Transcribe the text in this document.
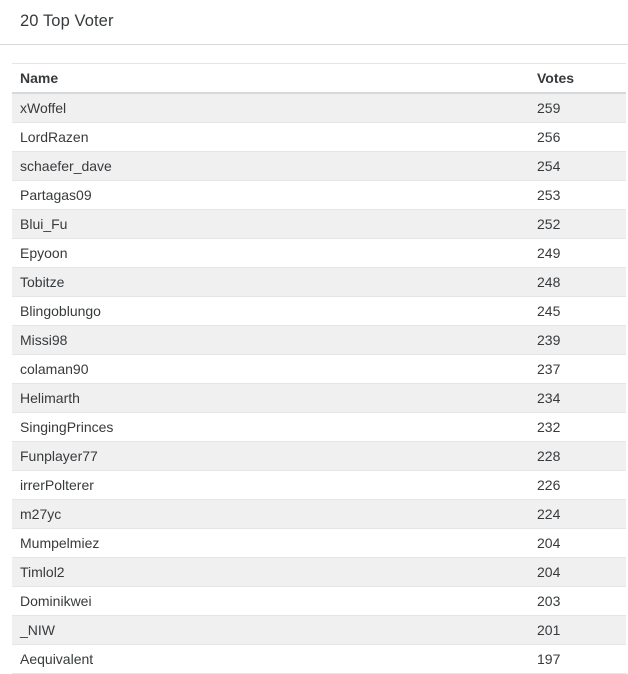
20 Top Voter
Name	Votes
xWoffel	259
LordRazen	256
schaefer_dave	254
Partagas09	253
Blui_Fu	252
Epyoon	249
Tobitze	248
Blingoblungo	245
Missi98	239
colaman90	237
Helimarth	234
SingingPrinces	232
Funplayer77	228
irrerPolterer	226
m27yc	224
Mumpelmiez	204
Timlol2	204
Dominikwei	203
_NIW	201
Aequivalent	197
